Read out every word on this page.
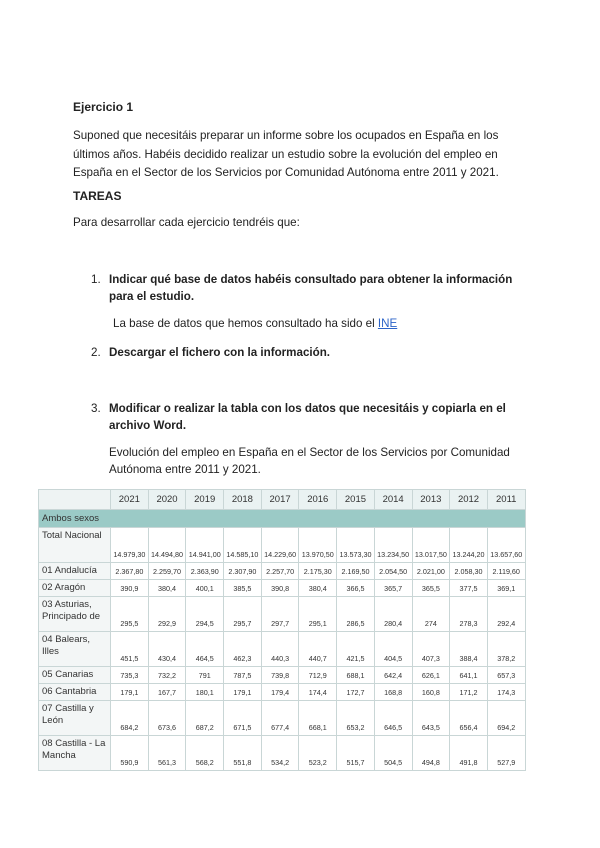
Ejercicio 1
Suponed que necesitáis preparar un informe sobre los ocupados en España en los últimos años. Habéis decidido realizar un estudio sobre la evolución del empleo en España en el Sector de los Servicios por Comunidad Autónoma entre 2011 y 2021.
TAREAS
Para desarrollar cada ejercicio tendréis que:
1. Indicar qué base de datos habéis consultado para obtener la información para el estudio.
La base de datos que hemos consultado ha sido el INE
2. Descargar el fichero con la información.
3. Modificar o realizar la tabla con los datos que necesitáis y copiarla en el archivo Word.
Evolución del empleo en España en el Sector de los Servicios por Comunidad Autónoma entre 2011 y 2021.
	2021	2020	2019	2018	2017	2016	2015	2014	2013	2012	2011
Ambos sexos											
Total Nacional	14.979,30	14.494,80	14.941,00	14.585,10	14.229,60	13.970,50	13.573,30	13.234,50	13.017,50	13.244,20	13.657,60
01 Andalucía	2.367,80	2.259,70	2.363,90	2.307,90	2.257,70	2.175,30	2.169,50	2.054,50	2.021,00	2.058,30	2.119,60
02 Aragón	390,9	380,4	400,1	385,5	390,8	380,4	366,5	365,7	365,5	377,5	369,1
03 Asturias, Principado de	295,5	292,9	294,5	295,7	297,7	295,1	286,5	280,4	274	278,3	292,4
04 Balears, Illes	451,5	430,4	464,5	462,3	440,3	440,7	421,5	404,5	407,3	388,4	378,2
05 Canarias	735,3	732,2	791	787,5	739,8	712,9	688,1	642,4	626,1	641,1	657,3
06 Cantabria	179,1	167,7	180,1	179,1	179,4	174,4	172,7	168,8	160,8	171,2	174,3
07 Castilla y León	684,2	673,6	687,2	671,5	677,4	668,1	653,2	646,5	643,5	656,4	694,2
08 Castilla - La Mancha	590,9	561,3	568,2	551,8	534,2	523,2	515,7	504,5	494,8	491,8	527,9
